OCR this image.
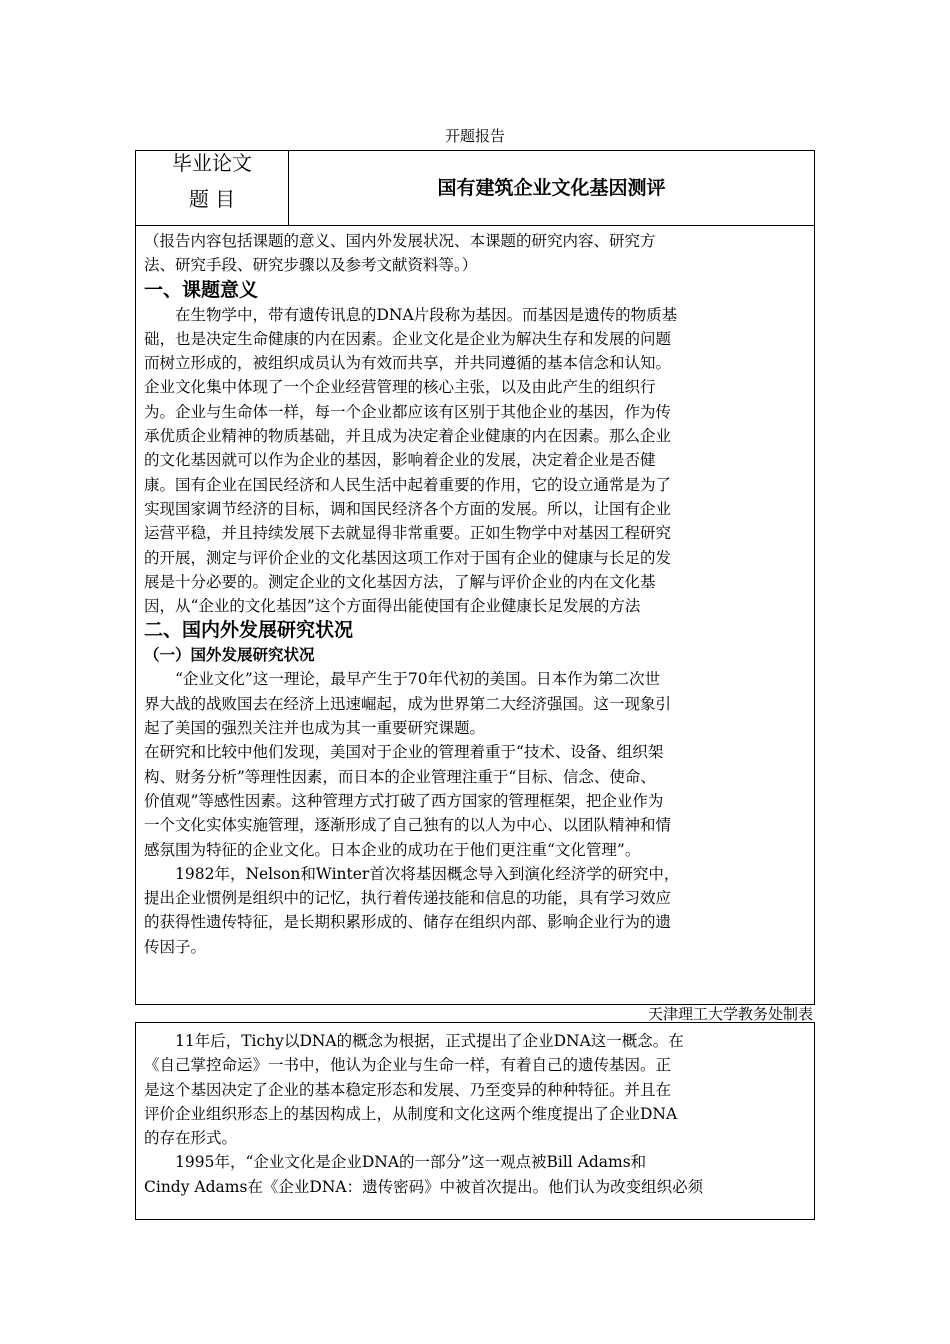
开题报告
毕业论文
题 目	国有建筑企业文化基因测评

（报告内容包括课题的意义、国内外发展状况、本课题的研究内容、研究方

法、研究手段、研究步骤以及参考文献资料等。）

一、课题意义

在生物学中，带有遗传讯息的DNA片段称为基因。而基因是遗传的物质基

础，也是决定生命健康的内在因素。企业文化是企业为解决生存和发展的问题

而树立形成的，被组织成员认为有效而共享，并共同遵循的基本信念和认知。

企业文化集中体现了一个企业经营管理的核心主张，以及由此产生的组织行

为。企业与生命体一样，每一个企业都应该有区别于其他企业的基因，作为传

承优质企业精神的物质基础，并且成为决定着企业健康的内在因素。那么企业

的文化基因就可以作为企业的基因，影响着企业的发展，决定着企业是否健

康。国有企业在国民经济和人民生活中起着重要的作用，它的设立通常是为了

实现国家调节经济的目标，调和国民经济各个方面的发展。所以，让国有企业

运营平稳，并且持续发展下去就显得非常重要。正如生物学中对基因工程研究

的开展，测定与评价企业的文化基因这项工作对于国有企业的健康与长足的发

展是十分必要的。测定企业的文化基因方法，了解与评价企业的内在文化基

因，从“企业的文化基因”这个方面得出能使国有企业健康长足发展的方法

二、国内外发展研究状况

（一）国外发展研究状况

“企业文化”这一理论，最早产生于70年代初的美国。日本作为第二次世

界大战的战败国去在经济上迅速崛起，成为世界第二大经济强国。这一现象引

起了美国的强烈关注并也成为其一重要研究课题。

在研究和比较中他们发现，美国对于企业的管理着重于“技术、设备、组织架

构、财务分析”等理性因素，而日本的企业管理注重于“目标、信念、使命、

价值观”等感性因素。这种管理方式打破了西方国家的管理框架，把企业作为

一个文化实体实施管理，逐渐形成了自己独有的以人为中心、以团队精神和情

感氛围为特征的企业文化。日本企业的成功在于他们更注重“文化管理”。

1982年，Nelson和Winter首次将基因概念导入到演化经济学的研究中，

提出企业惯例是组织中的记忆，执行着传递技能和信息的功能，具有学习效应

的获得性遗传特征，是长期积累形成的、储存在组织内部、影响企业行为的遗

传因子。

天津理工大学教务处制表

11年后，Tichy以DNA的概念为根据，正式提出了企业DNA这一概念。在

《自己掌控命运》一书中，他认为企业与生命一样，有着自己的遗传基因。正

是这个基因决定了企业的基本稳定形态和发展、乃至变异的种种特征。并且在

评价企业组织形态上的基因构成上，从制度和文化这两个维度提出了企业DNA

的存在形式。

1995年，“企业文化是企业DNA的一部分”这一观点被Bill Adams和

Cindy Adams在《企业DNA：遗传密码》中被首次提出。他们认为改变组织必须
